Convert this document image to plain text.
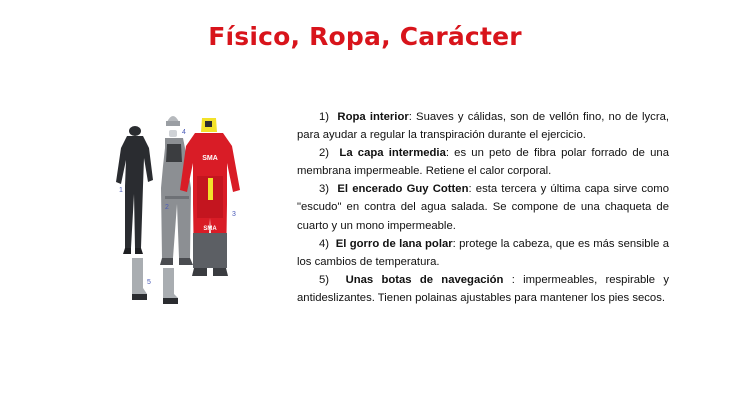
Físico, Ropa, Carácter
SMA
SMA
1
2
3
4
5

1) Ropa interior: Suaves y cálidas, son de vellón fino, no de lycra, para ayudar a regular la transpiración durante el ejercicio.

2) La capa intermedia: es un peto de fibra polar forrado de una membrana impermeable. Retiene el calor corporal.

3) El encerado Guy Cotten: esta tercera y última capa sirve como "escudo" en contra del agua salada. Se compone de una chaqueta de cuarto y un mono impermeable.

4) El gorro de lana polar: protege la cabeza, que es más sensible a los cambios de temperatura.

5) Unas botas de navegación : impermeables, respirable y antideslizantes. Tienen polainas ajustables para mantener los pies secos.
